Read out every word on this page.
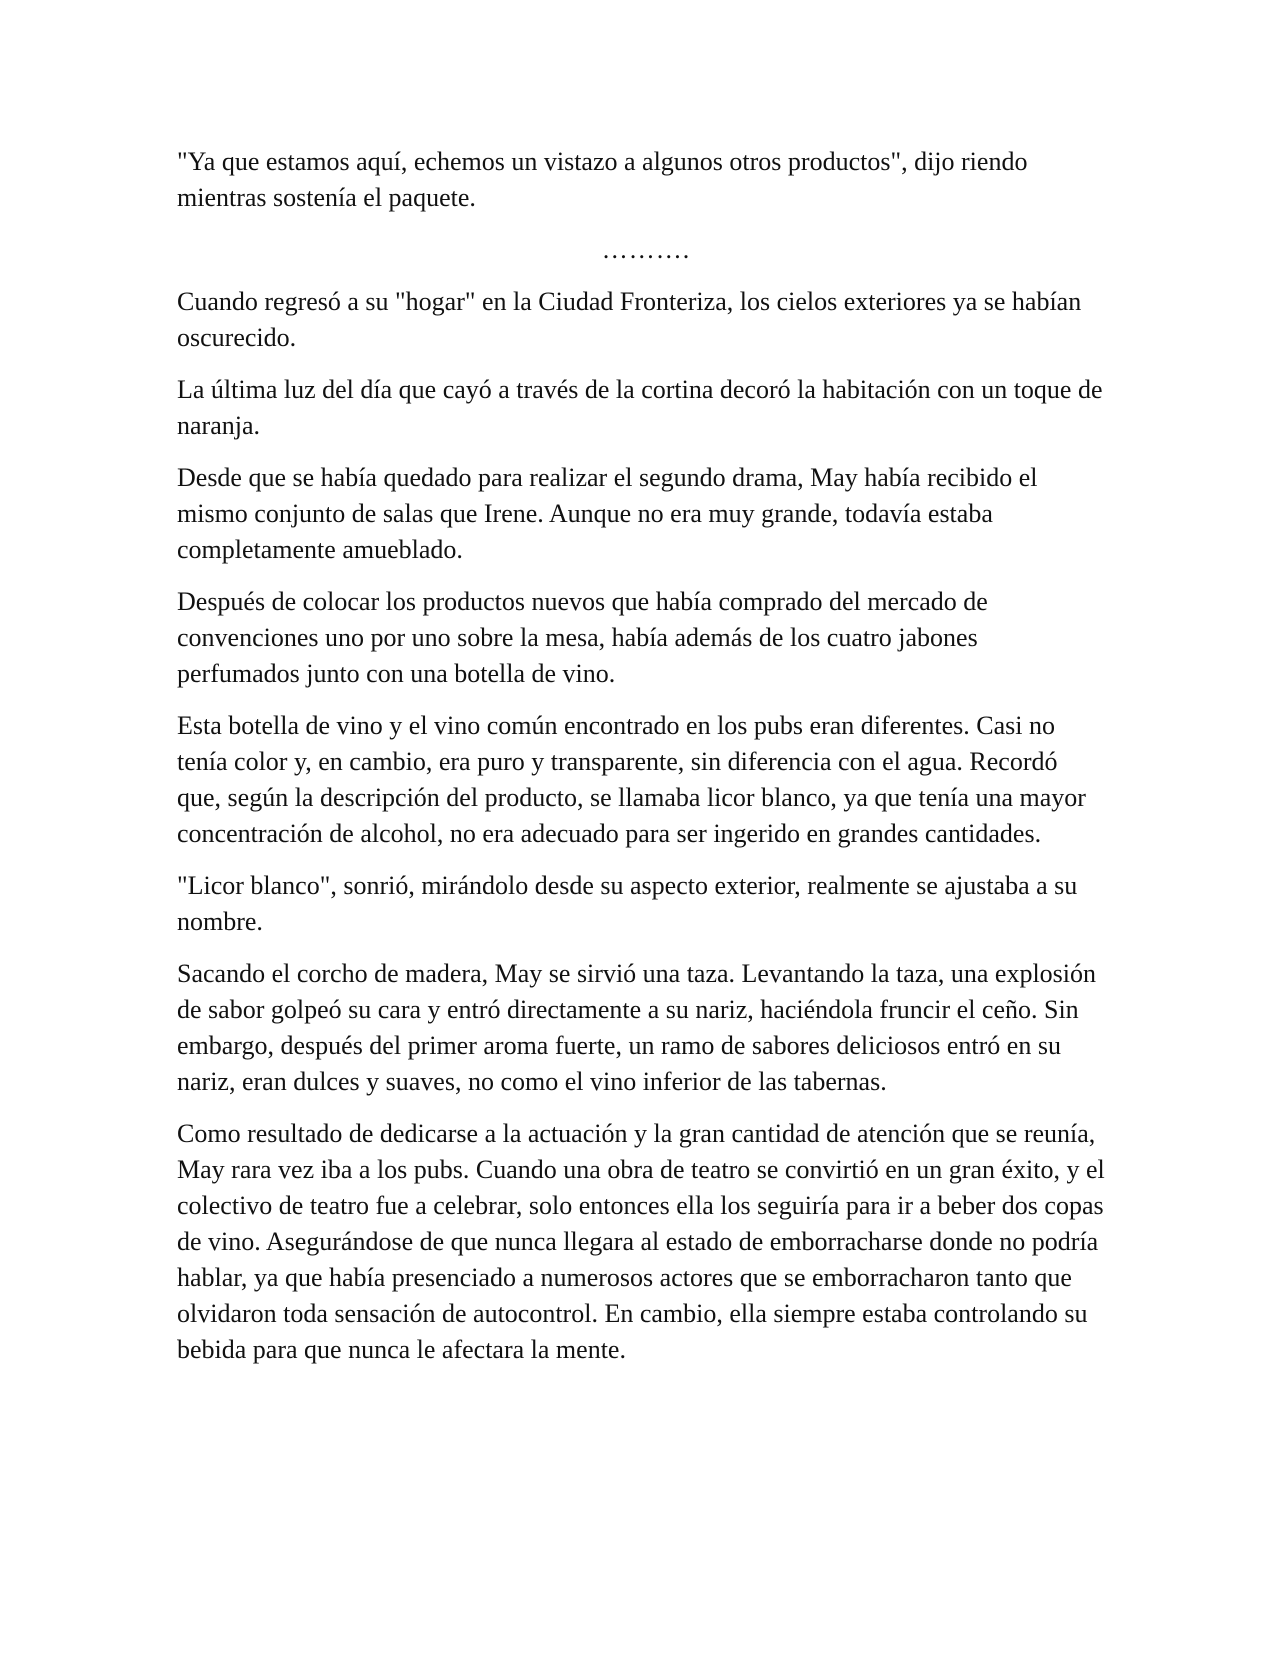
"Ya que estamos aquí, echemos un vistazo a algunos otros productos", dijo riendo mientras sostenía el paquete.

……….

Cuando regresó a su "hogar" en la Ciudad Fronteriza, los cielos exteriores ya se habían oscurecido.

La última luz del día que cayó a través de la cortina decoró la habitación con un toque de naranja.

Desde que se había quedado para realizar el segundo drama, May había recibido el mismo conjunto de salas que Irene. Aunque no era muy grande, todavía estaba completamente amueblado.

Después de colocar los productos nuevos que había comprado del mercado de convenciones uno por uno sobre la mesa, había además de los cuatro jabones perfumados junto con una botella de vino.

Esta botella de vino y el vino común encontrado en los pubs eran diferentes. Casi no tenía color y, en cambio, era puro y transparente, sin diferencia con el agua. Recordó que, según la descripción del producto, se llamaba licor blanco, ya que tenía una mayor concentración de alcohol, no era adecuado para ser ingerido en grandes cantidades.

"Licor blanco", sonrió, mirándolo desde su aspecto exterior, realmente se ajustaba a su nombre.

Sacando el corcho de madera, May se sirvió una taza. Levantando la taza, una explosión de sabor golpeó su cara y entró directamente a su nariz, haciéndola fruncir el ceño. Sin embargo, después del primer aroma fuerte, un ramo de sabores deliciosos entró en su nariz, eran dulces y suaves, no como el vino inferior de las tabernas.

Como resultado de dedicarse a la actuación y la gran cantidad de atención que se reunía, May rara vez iba a los pubs. Cuando una obra de teatro se convirtió en un gran éxito, y el colectivo de teatro fue a celebrar, solo entonces ella los seguiría para ir a beber dos copas de vino. Asegurándose de que nunca llegara al estado de emborracharse donde no podría hablar, ya que había presenciado a numerosos actores que se emborracharon tanto que olvidaron toda sensación de autocontrol. En cambio, ella siempre estaba controlando su bebida para que nunca le afectara la mente.
